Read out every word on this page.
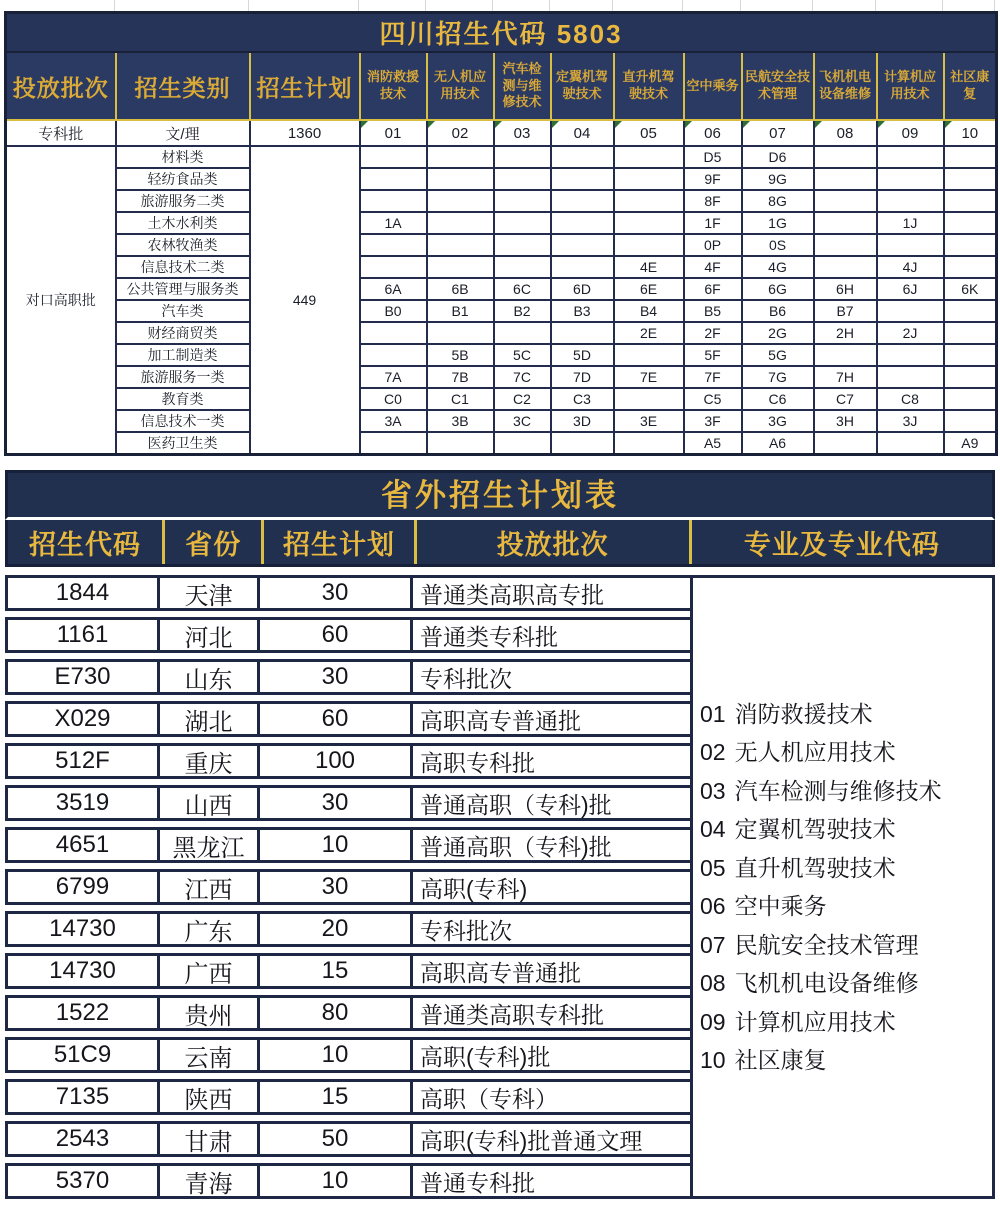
四川招生代码 5803												
投放批次	招生类别	招生计划	消防救援技术	无人机应用技术	汽车检测与维修技术	定翼机驾驶技术	直升机驾驶技术	空中乘务	民航安全技术管理	飞机机电设备维修	计算机应用技术	社区康复
专科批	文/理	1360	01	02	03	04	05	06	07	08	09	10
对口高职批	材料类	449						D5	D6			
	轻纺食品类							9F	9G			
	旅游服务二类							8F	8G			
	土木水利类		1A					1F	1G		1J	
	农林牧渔类							0P	0S			
	信息技术二类						4E	4F	4G		4J	
	公共管理与服务类		6A	6B	6C	6D	6E	6F	6G	6H	6J	6K
	汽车类		B0	B1	B2	B3	B4	B5	B6	B7		
	财经商贸类						2E	2F	2G	2H	2J	
	加工制造类			5B	5C	5D		5F	5G			
	旅游服务一类		7A	7B	7C	7D	7E	7F	7G	7H		
	教育类		C0	C1	C2	C3		C5	C6	C7	C8	
	信息技术一类		3A	3B	3C	3D	3E	3F	3G	3H	3J	
	医药卫生类							A5	A6			A9
省外招生计划表
招生代码	省份	招生计划	投放批次	专业及专业代码
1844	天津	30	普通类高职高专批
1161	河北	60	普通类专科批
E730	山东	30	专科批次
X029	湖北	60	高职高专普通批
512F	重庆	100	高职专科批
3519	山西	30	普通高职（专科)批
4651	黑龙江	10	普通高职（专科)批
6799	江西	30	高职(专科)
14730	广东	20	专科批次
14730	广西	15	高职高专普通批
1522	贵州	80	普通类高职专科批
51C9	云南	10	高职(专科)批
7135	陕西	15	高职（专科）
2543	甘肃	50	高职(专科)批普通文理
5370	青海	10	普通专科批
01 消防救援技术
02 无人机应用技术
03 汽车检测与维修技术
04 定翼机驾驶技术
05 直升机驾驶技术
06 空中乘务
07 民航安全技术管理
08 飞机机电设备维修
09 计算机应用技术
10 社区康复
